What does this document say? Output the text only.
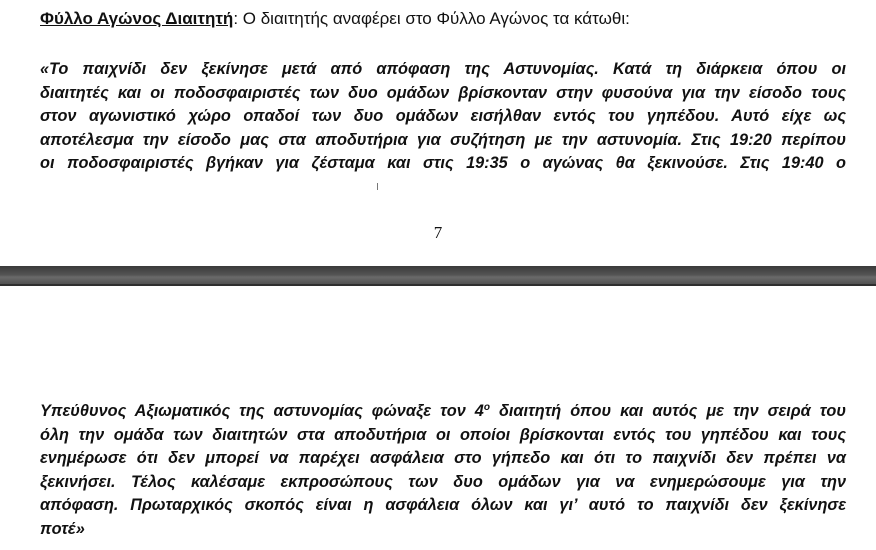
Φύλλο Αγώνος Διαιτητή: Ο διαιτητής αναφέρει στο Φύλλο Αγώνος τα κάτωθι:
«Το παιχνίδι δεν ξεκίνησε μετά από απόφαση της Αστυνομίας. Κατά τη διάρκεια όπου οι
διαιτητές και οι ποδοσφαιριστές των δυο ομάδων βρίσκονταν στην φυσούνα για την είσοδο τους
στον αγωνιστικό χώρο οπαδοί των δυο ομάδων εισήλθαν εντός του γηπέδου. Αυτό είχε ως
αποτέλεσμα την είσοδο μας στα αποδυτήρια για συζήτηση με την αστυνομία. Στις 19:20 περίπου
οι ποδοσφαιριστές βγήκαν για ζέσταμα και στις 19:35 ο αγώνας θα ξεκινούσε. Στις 19:40 ο
7
Υπεύθυνος Αξιωματικός της αστυνομίας φώναξε τον $4^o$ διαιτητή όπου και αυτός με την σειρά του
όλη την ομάδα των διαιτητών στα αποδυτήρια οι οποίοι βρίσκονται εντός του γηπέδου και τους
ενημέρωσε ότι δεν μπορεί να παρέχει ασφάλεια στο γήπεδο και ότι το παιχνίδι δεν πρέπει να
ξεκινήσει. Τέλος καλέσαμε εκπροσώπους των δυο ομάδων για να ενημερώσουμε για την
απόφαση. Πρωταρχικός σκοπός είναι η ασφάλεια όλων και γι’ αυτό το παιχνίδι δεν ξεκίνησε
ποτέ»
